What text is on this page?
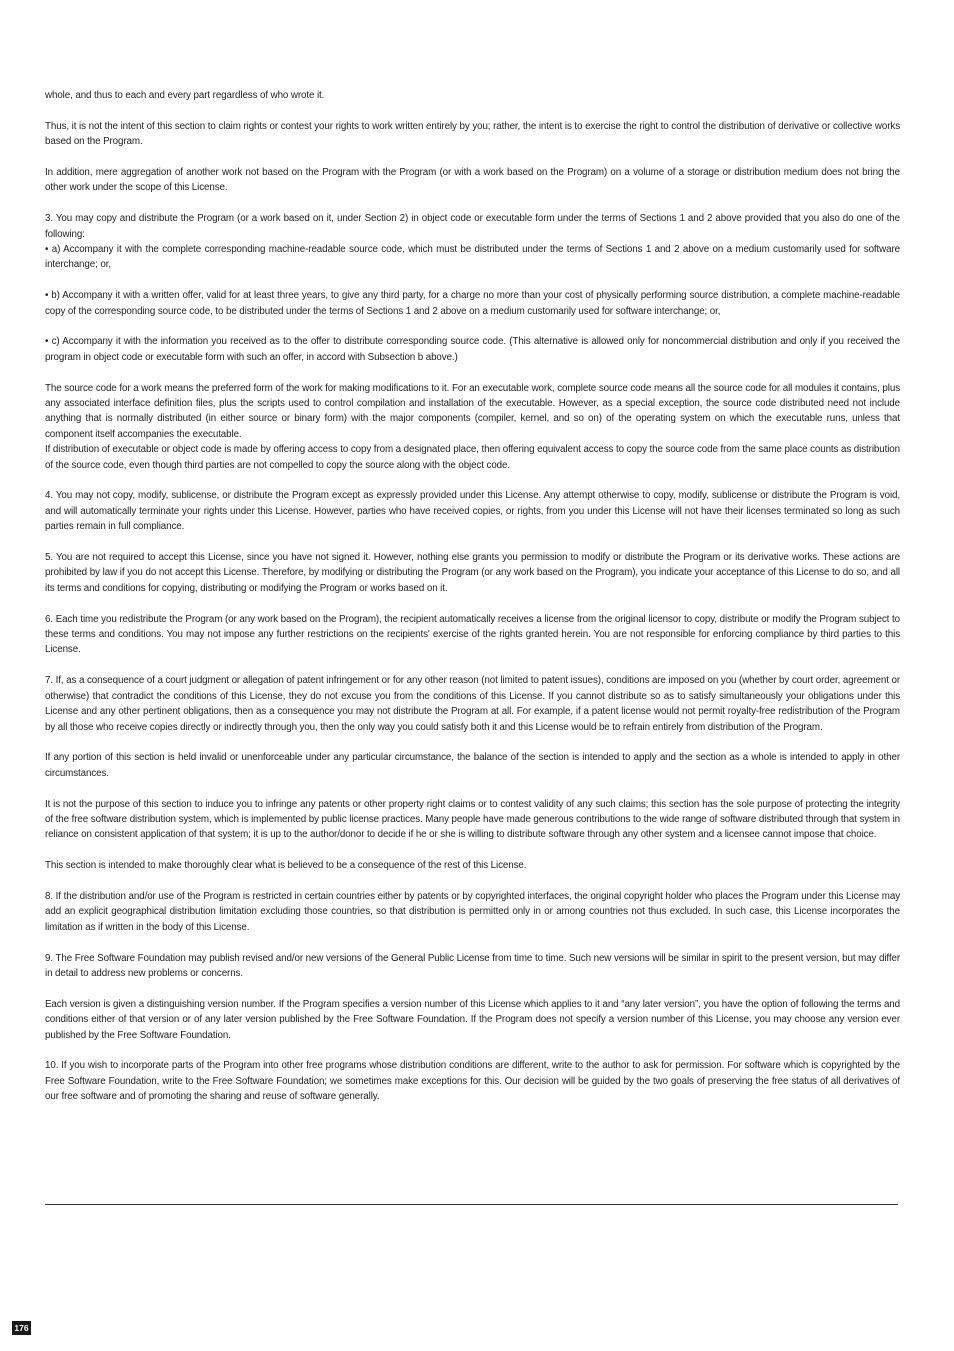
whole, and thus to each and every part regardless of who wrote it.

Thus, it is not the intent of this section to claim rights or contest your rights to work written entirely by you; rather, the intent is to exercise the right to control the distribution of derivative or collective works based on the Program.

In addition, mere aggregation of another work not based on the Program with the Program (or with a work based on the Program) on a volume of a storage or distribution medium does not bring the other work under the scope of this License.

3. You may copy and distribute the Program (or a work based on it, under Section 2) in object code or executable form under the terms of Sections 1 and 2 above provided that you also do one of the following:

• a) Accompany it with the complete corresponding machine-readable source code, which must be distributed under the terms of Sections 1 and 2 above on a medium customarily used for software interchange; or,

• b) Accompany it with a written offer, valid for at least three years, to give any third party, for a charge no more than your cost of physically performing source distribution, a complete machine-readable copy of the corresponding source code, to be distributed under the terms of Sections 1 and 2 above on a medium customarily used for software interchange; or,

• c) Accompany it with the information you received as to the offer to distribute corresponding source code. (This alternative is allowed only for noncommercial distribution and only if you received the program in object code or executable form with such an offer, in accord with Subsection b above.)

The source code for a work means the preferred form of the work for making modifications to it. For an executable work, complete source code means all the source code for all modules it contains, plus any associated interface definition files, plus the scripts used to control compilation and installation of the executable. However, as a special exception, the source code distributed need not include anything that is normally distributed (in either source or binary form) with the major components (compiler, kernel, and so on) of the operating system on which the executable runs, unless that component itself accompanies the executable.

If distribution of executable or object code is made by offering access to copy from a designated place, then offering equivalent access to copy the source code from the same place counts as distribution of the source code, even though third parties are not compelled to copy the source along with the object code.

4. You may not copy, modify, sublicense, or distribute the Program except as expressly provided under this License. Any attempt otherwise to copy, modify, sublicense or distribute the Program is void, and will automatically terminate your rights under this License. However, parties who have received copies, or rights, from you under this License will not have their licenses terminated so long as such parties remain in full compliance.

5. You are not required to accept this License, since you have not signed it. However, nothing else grants you permission to modify or distribute the Program or its derivative works. These actions are prohibited by law if you do not accept this License. Therefore, by modifying or distributing the Program (or any work based on the Program), you indicate your acceptance of this License to do so, and all its terms and conditions for copying, distributing or modifying the Program or works based on it.

6. Each time you redistribute the Program (or any work based on the Program), the recipient automatically receives a license from the original licensor to copy, distribute or modify the Program subject to these terms and conditions. You may not impose any further restrictions on the recipients' exercise of the rights granted herein. You are not responsible for enforcing compliance by third parties to this License.

7. If, as a consequence of a court judgment or allegation of patent infringement or for any other reason (not limited to patent issues), conditions are imposed on you (whether by court order, agreement or otherwise) that contradict the conditions of this License, they do not excuse you from the conditions of this License. If you cannot distribute so as to satisfy simultaneously your obligations under this License and any other pertinent obligations, then as a consequence you may not distribute the Program at all. For example, if a patent license would not permit royalty-free redistribution of the Program by all those who receive copies directly or indirectly through you, then the only way you could satisfy both it and this License would be to refrain entirely from distribution of the Program.

If any portion of this section is held invalid or unenforceable under any particular circumstance, the balance of the section is intended to apply and the section as a whole is intended to apply in other circumstances.

It is not the purpose of this section to induce you to infringe any patents or other property right claims or to contest validity of any such claims; this section has the sole purpose of protecting the integrity of the free software distribution system, which is implemented by public license practices. Many people have made generous contributions to the wide range of software distributed through that system in reliance on consistent application of that system; it is up to the author/donor to decide if he or she is willing to distribute software through any other system and a licensee cannot impose that choice.

This section is intended to make thoroughly clear what is believed to be a consequence of the rest of this License.

8. If the distribution and/or use of the Program is restricted in certain countries either by patents or by copyrighted interfaces, the original copyright holder who places the Program under this License may add an explicit geographical distribution limitation excluding those countries, so that distribution is permitted only in or among countries not thus excluded. In such case, this License incorporates the limitation as if written in the body of this License.

9. The Free Software Foundation may publish revised and/or new versions of the General Public License from time to time. Such new versions will be similar in spirit to the present version, but may differ in detail to address new problems or concerns.

Each version is given a distinguishing version number. If the Program specifies a version number of this License which applies to it and “any later version”, you have the option of following the terms and conditions either of that version or of any later version published by the Free Software Foundation. If the Program does not specify a version number of this License, you may choose any version ever published by the Free Software Foundation.

10. If you wish to incorporate parts of the Program into other free programs whose distribution conditions are different, write to the author to ask for permission. For software which is copyrighted by the Free Software Foundation, write to the Free Software Foundation; we sometimes make exceptions for this. Our decision will be guided by the two goals of preserving the free status of all derivatives of our free software and of promoting the sharing and reuse of software generally.

176
